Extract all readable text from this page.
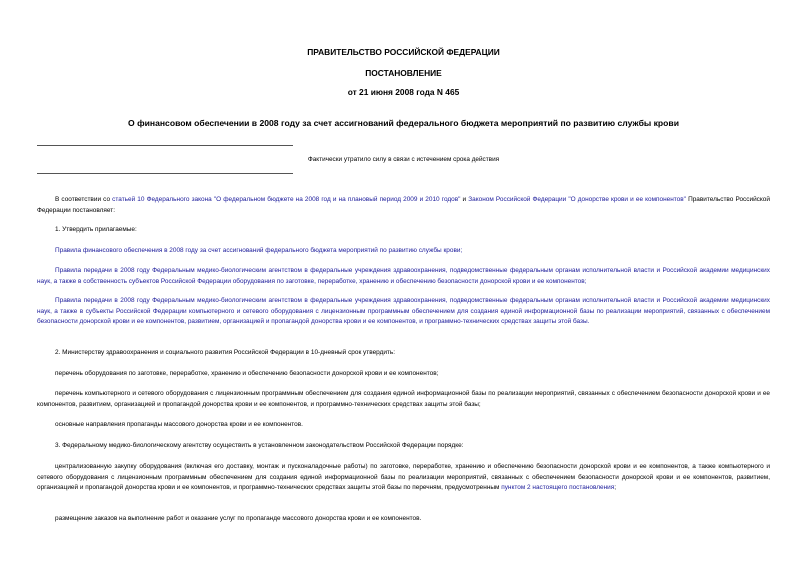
ПРАВИТЕЛЬСТВО РОССИЙСКОЙ ФЕДЕРАЦИИ
ПОСТАНОВЛЕНИЕ
от 21 июня 2008 года N 465
О финансовом обеспечении в 2008 году за счет ассигнований федерального бюджета мероприятий по развитию службы крови
Фактически утратило силу в связи с истечением срока действия
В соответствии со статьей 10 Федерального закона "О федеральном бюджете на 2008 год и на плановый период 2009 и 2010 годов" и Законом Российской Федерации "О донорстве крови и ее компонентов" Правительство Российской Федерации постановляет:
1. Утвердить прилагаемые:
Правила финансового обеспечения в 2008 году за счет ассигнований федерального бюджета мероприятий по развитию службы крови;
Правила передачи в 2008 году Федеральным медико-биологическим агентством в федеральные учреждения здравоохранения, подведомственные федеральным органам исполнительной власти и Российской академии медицинских наук, а также в собственность субъектов Российской Федерации оборудования по заготовке, переработке, хранению и обеспечению безопасности донорской крови и ее компонентов;
Правила передачи в 2008 году Федеральным медико-биологическим агентством в федеральные учреждения здравоохранения, подведомственные федеральным органам исполнительной власти и Российской академии медицинских наук, а также в субъекты Российской Федерации компьютерного и сетевого оборудования с лицензионным программным обеспечением для создания единой информационной базы по реализации мероприятий, связанных с обеспечением безопасности донорской крови и ее компонентов, развитием, организацией и пропагандой донорства крови и ее компонентов, и программно-технических средствах защиты этой базы.
2. Министерству здравоохранения и социального развития Российской Федерации в 10-дневный срок утвердить:
перечень оборудования по заготовке, переработке, хранению и обеспечению безопасности донорской крови и ее компонентов;
перечень компьютерного и сетевого оборудования с лицензионным программным обеспечением для создания единой информационной базы по реализации мероприятий, связанных с обеспечением безопасности донорской крови и ее компонентов, развитием, организацией и пропагандой донорства крови и ее компонентов, и программно-технических средствах защиты этой базы;
основные направления пропаганды массового донорства крови и ее компонентов.
3. Федеральному медико-биологическому агентству осуществить в установленном законодательством Российской Федерации порядке:
централизованную закупку оборудования (включая его доставку, монтаж и пусконаладочные работы) по заготовке, переработке, хранению и обеспечению безопасности донорской крови и ее компонентов, а также компьютерного и сетевого оборудования с лицензионным программным обеспечением для создания единой информационной базы по реализации мероприятий, связанных с обеспечением безопасности донорской крови и ее компонентов, развитием, организацией и пропагандой донорства крови и ее компонентов, и программно-технических средствах защиты этой базы по перечням, предусмотренным пунктом 2 настоящего постановления;
размещение заказов на выполнение работ и оказание услуг по пропаганде массового донорства крови и ее компонентов.
